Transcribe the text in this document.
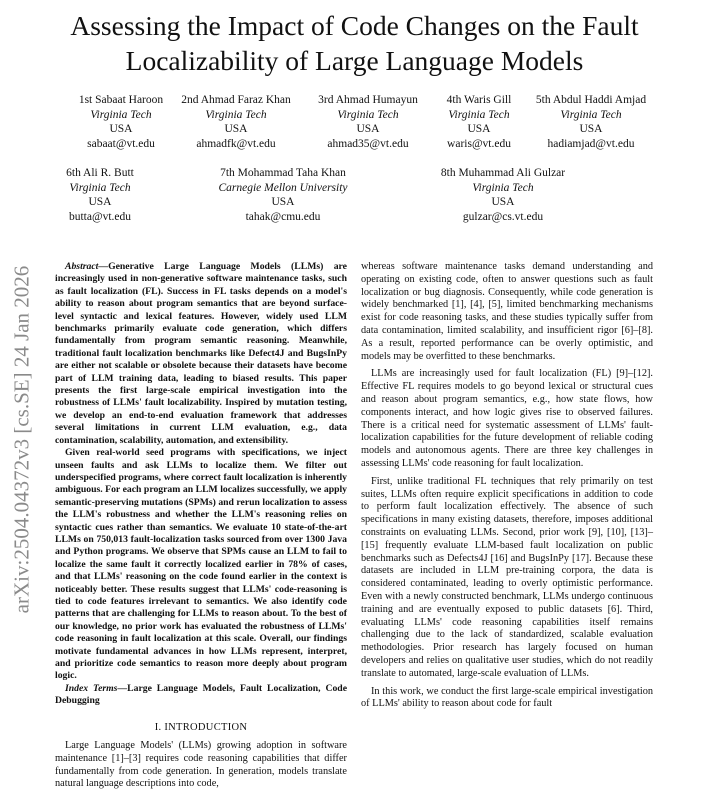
Assessing the Impact of Code Changes on the Fault Localizability of Large Language Models
1st Sabaat Haroon
Virginia Tech
USA
sabaat@vt.edu
2nd Ahmad Faraz Khan
Virginia Tech
USA
ahmadfk@vt.edu
3rd Ahmad Humayun
Virginia Tech
USA
ahmad35@vt.edu
4th Waris Gill
Virginia Tech
USA
waris@vt.edu
5th Abdul Haddi Amjad
Virginia Tech
USA
hadiamjad@vt.edu
6th Ali R. Butt
Virginia Tech
USA
butta@vt.edu
7th Mohammad Taha Khan
Carnegie Mellon University
USA
tahak@cmu.edu
8th Muhammad Ali Gulzar
Virginia Tech
USA
gulzar@cs.vt.edu
arXiv:2504.04372v3 [cs.SE] 24 Jan 2026	Abstract—Generative Large Language Models (LLMs) are increasingly used in non-generative software maintenance tasks, such as fault localization (FL). Success in FL tasks depends on a model's ability to reason about program semantics that are beyond surface-level syntactic and lexical features. However, widely used LLM benchmarks primarily evaluate code generation, which differs fundamentally from program semantic reasoning. Meanwhile, traditional fault localization benchmarks like Defect4J and BugsInPy are either not scalable or obsolete because their datasets have become part of LLM training data, leading to biased results. This paper presents the first large-scale empirical investigation into the robustness of LLMs' fault localizability. Inspired by mutation testing, we develop an end-to-end evaluation framework that addresses several limitations in current LLM evaluation, e.g., data contamination, scalability, automation, and extensibility.

Given real-world seed programs with specifications, we inject unseen faults and ask LLMs to localize them. We filter out underspecified programs, where correct fault localization is inherently ambiguous. For each program an LLM localizes successfully, we apply semantic-preserving mutations (SPMs) and rerun localization to assess the LLM's robustness and whether the LLM's reasoning relies on syntactic cues rather than semantics. We evaluate 10 state-of-the-art LLMs on 750,013 fault-localization tasks sourced from over 1300 Java and Python programs. We observe that SPMs cause an LLM to fail to localize the same fault it correctly localized earlier in 78% of cases, and that LLMs' reasoning on the code found earlier in the context is noticeably better. These results suggest that LLMs' code-reasoning is tied to code features irrelevant to semantics. We also identify code patterns that are challenging for LLMs to reason about. To the best of our knowledge, no prior work has evaluated the robustness of LLMs' code reasoning in fault localization at this scale. Overall, our findings motivate fundamental advances in how LLMs represent, interpret, and prioritize code semantics to reason more deeply about program logic.

Index Terms—Large Language Models, Fault Localization, Code Debugging

I. INTRODUCTION

Large Language Models' (LLMs) growing adoption in software maintenance [1]–[3] requires code reasoning capabilities that differ fundamentally from code generation. In generation, models translate natural language descriptions into code,

whereas software maintenance tasks demand understanding and operating on existing code, often to answer questions such as fault localization or bug diagnosis. Consequently, while code generation is widely benchmarked [1], [4], [5], limited benchmarking mechanisms exist for code reasoning tasks, and these studies typically suffer from data contamination, limited scalability, and insufficient rigor [6]–[8]. As a result, reported performance can be overly optimistic, and models may be overfitted to these benchmarks.

LLMs are increasingly used for fault localization (FL) [9]–[12]. Effective FL requires models to go beyond lexical or structural cues and reason about program semantics, e.g., how state flows, how components interact, and how logic gives rise to observed failures. There is a critical need for systematic assessment of LLMs' fault-localization capabilities for the future development of reliable coding models and autonomous agents. There are three key challenges in assessing LLMs' code reasoning for fault localization.

First, unlike traditional FL techniques that rely primarily on test suites, LLMs often require explicit specifications in addition to code to perform fault localization effectively. The absence of such specifications in many existing datasets, therefore, imposes additional constraints on evaluating LLMs. Second, prior work [9], [10], [13]–[15] frequently evaluate LLM-based fault localization on public benchmarks such as Defects4J [16] and BugsInPy [17]. Because these datasets are included in LLM pre-training corpora, the data is considered contaminated, leading to overly optimistic performance. Even with a newly constructed benchmark, LLMs undergo continuous training and are eventually exposed to public datasets [6]. Third, evaluating LLMs' code reasoning capabilities itself remains challenging due to the lack of standardized, scalable evaluation methodologies. Prior research has largely focused on human developers and relies on qualitative user studies, which do not readily translate to automated, large-scale evaluation of LLMs.

In this work, we conduct the first large-scale empirical investigation of LLMs' ability to reason about code for fault
